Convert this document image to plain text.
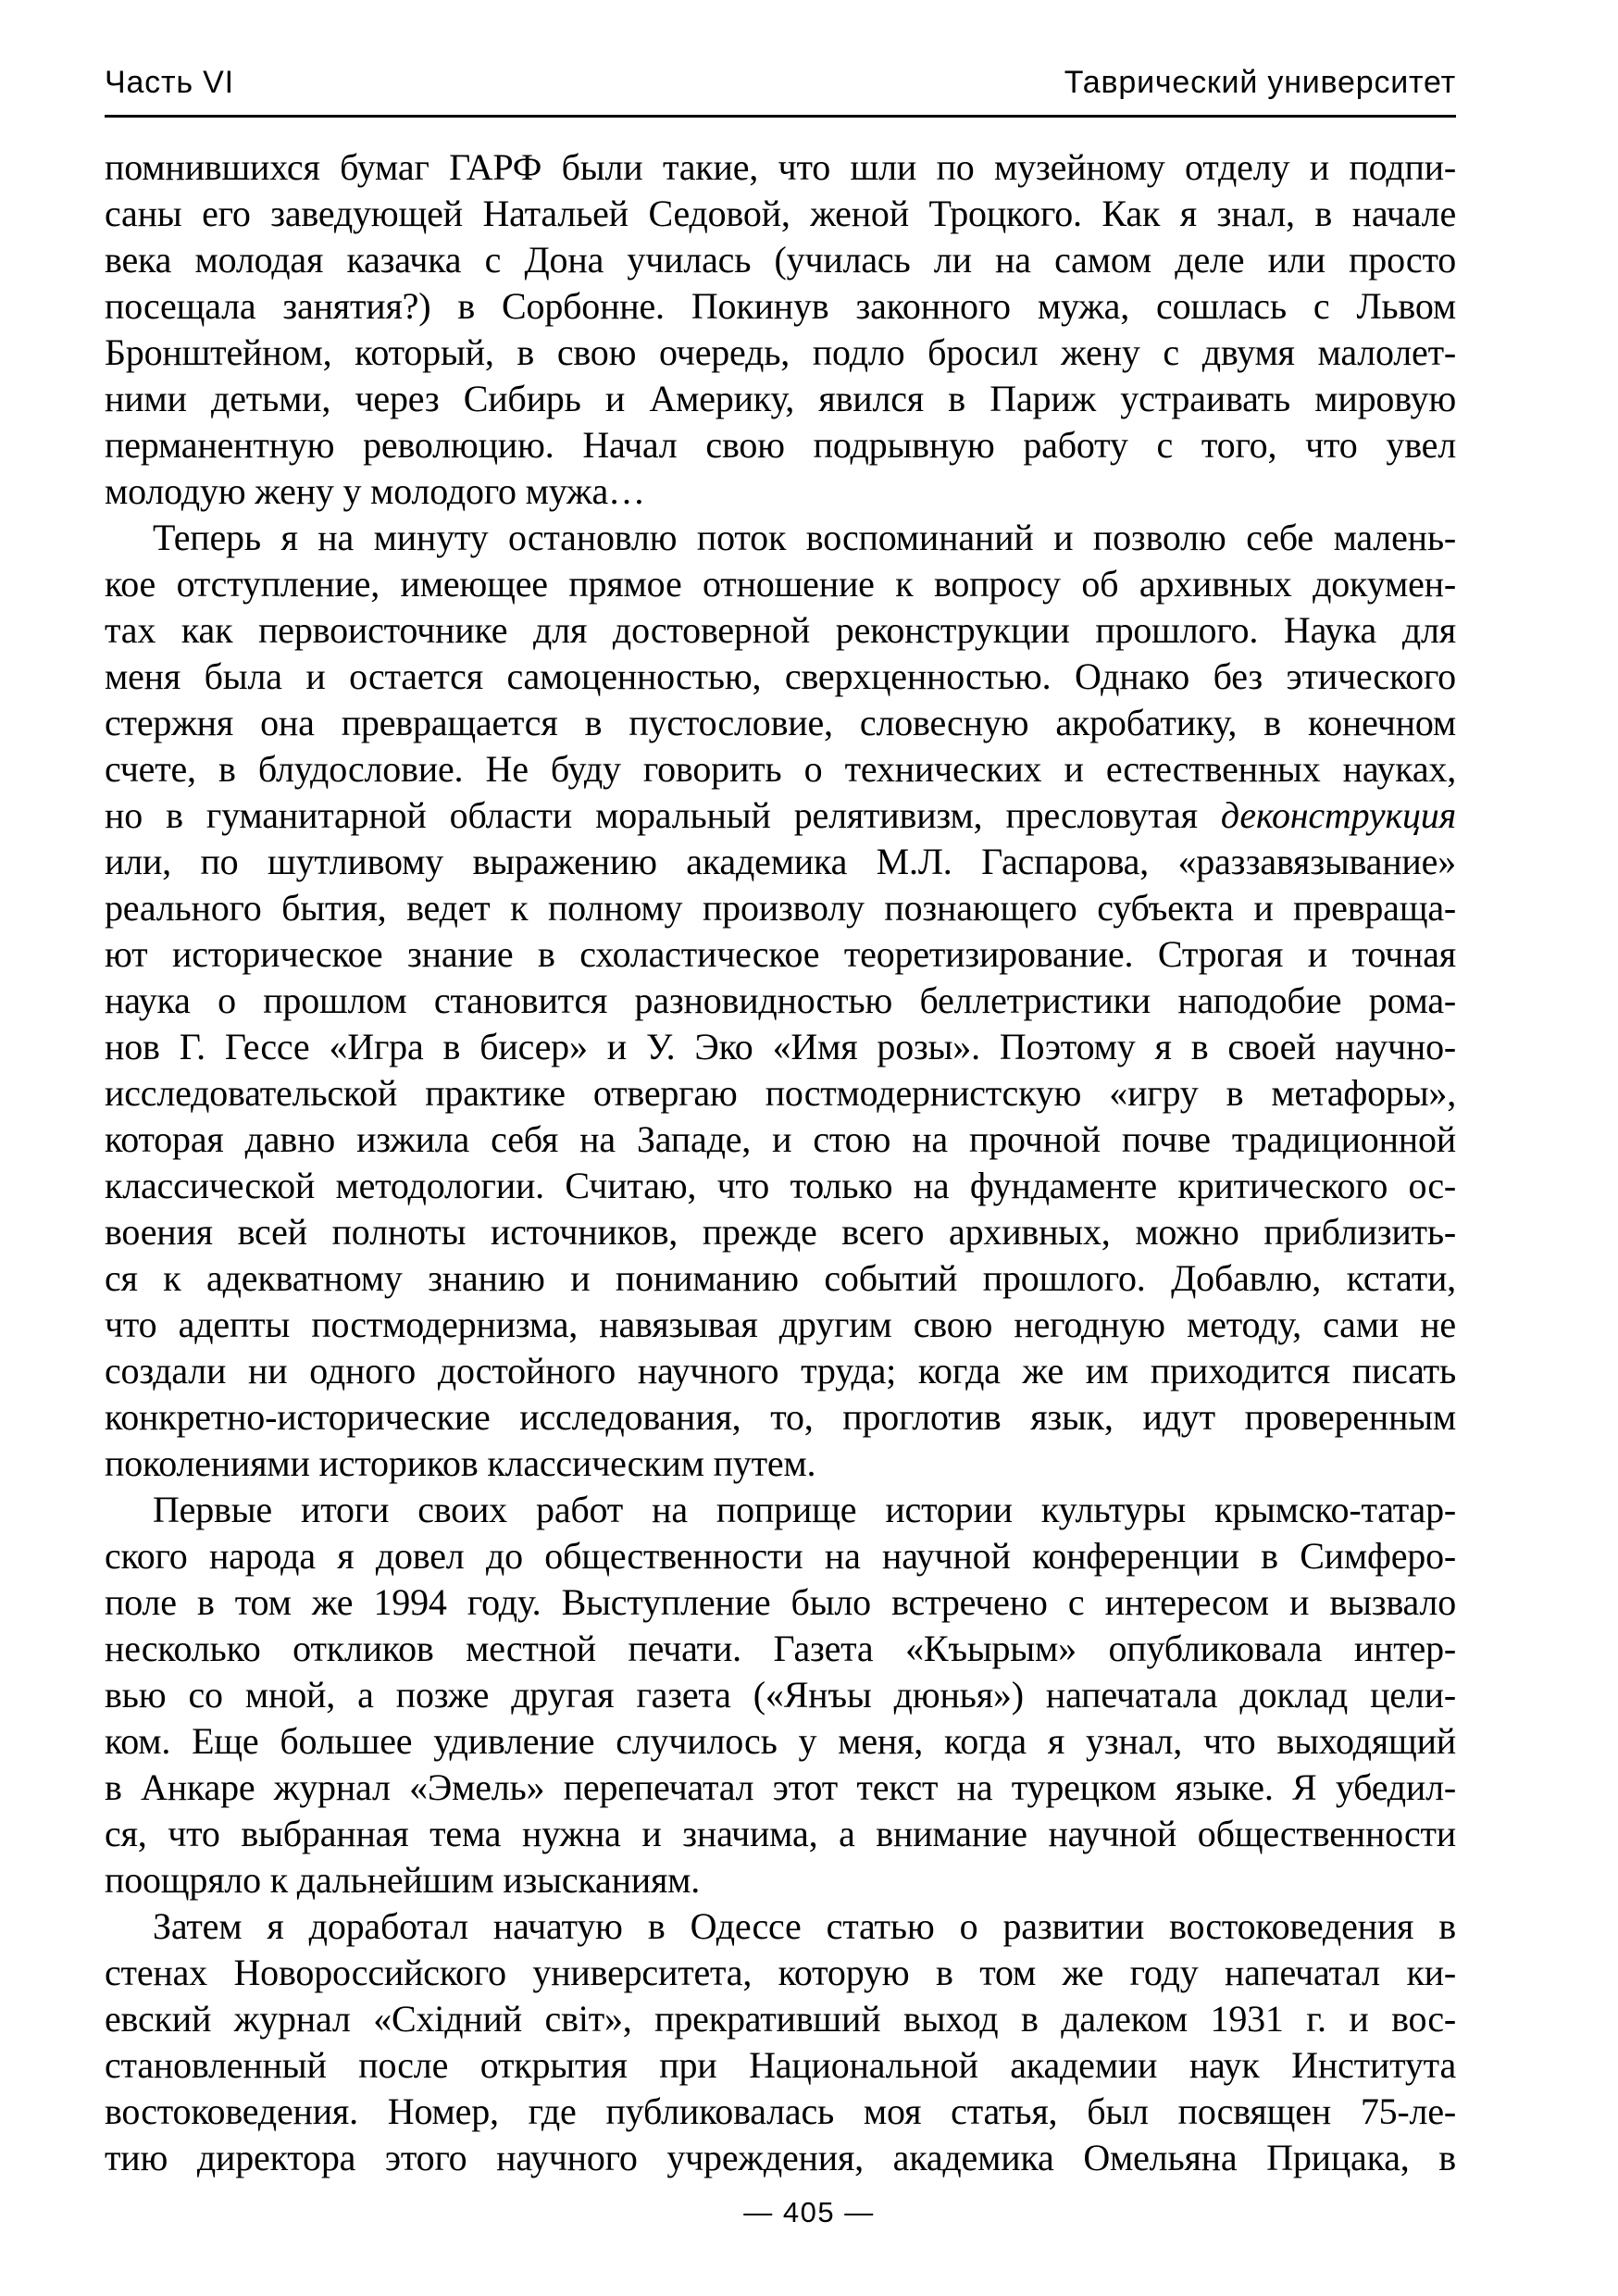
Часть VI	Таврический университет
помнившихся бумаг ГАРФ были такие, что шли по музейному отделу и подпи-
саны его заведующей Натальей Седовой, женой Троцкого. Как я знал, в начале
века молодая казачка с Дона училась (училась ли на самом деле или просто
посещала занятия?) в Сорбонне. Покинув законного мужа, сошлась с Львом
Бронштейном, который, в свою очередь, подло бросил жену с двумя малолет-
ними детьми, через Сибирь и Америку, явился в Париж устраивать мировую
перманентную революцию. Начал свою подрывную работу с того, что увел
молодую жену у молодого мужа…
Теперь я на минуту остановлю поток воспоминаний и позволю себе малень-
кое отступление, имеющее прямое отношение к вопросу об архивных докумен-
тах как первоисточнике для достоверной реконструкции прошлого. Наука для
меня была и остается самоценностью, сверхценностью. Однако без этического
стержня она превращается в пустословие, словесную акробатику, в конечном
счете, в блудословие. Не буду говорить о технических и естественных науках,
но в гуманитарной области моральный релятивизм, пресловутая деконструкция
или, по шутливому выражению академика М.Л. Гаспарова, «раззавязывание»
реального бытия, ведет к полному произволу познающего субъекта и превраща-
ют историческое знание в схоластическое теоретизирование. Строгая и точная
наука о прошлом становится разновидностью беллетристики наподобие рома-
нов Г. Гессе «Игра в бисер» и У. Эко «Имя розы». Поэтому я в своей научно-
исследовательской практике отвергаю постмодернистскую «игру в метафоры»,
которая давно изжила себя на Западе, и стою на прочной почве традиционной
классической методологии. Считаю, что только на фундаменте критического ос-
воения всей полноты источников, прежде всего архивных, можно приблизить-
ся к адекватному знанию и пониманию событий прошлого. Добавлю, кстати,
что адепты постмодернизма, навязывая другим свою негодную методу, сами не
создали ни одного достойного научного труда; когда же им приходится писать
конкретно-исторические исследования, то, проглотив язык, идут проверенным
поколениями историков классическим путем.
Первые итоги своих работ на поприще истории культуры крымско-татар-
ского народа я довел до общественности на научной конференции в Симферо-
поле в том же 1994 году. Выступление было встречено с интересом и вызвало
несколько откликов местной печати. Газета «Къырым» опубликовала интер-
вью со мной, а позже другая газета («Янъы дюнья») напечатала доклад цели-
ком. Еще большее удивление случилось у меня, когда я узнал, что выходящий
в Анкаре журнал «Эмель» перепечатал этот текст на турецком языке. Я убедил-
ся, что выбранная тема нужна и значима, а внимание научной общественности
поощряло к дальнейшим изысканиям.
Затем я доработал начатую в Одессе статью о развитии востоковедения в
стенах Новороссийского университета, которую в том же году напечатал ки-
евский журнал «Східний світ», прекративший выход в далеком 1931 г. и вос-
становленный после открытия при Национальной академии наук Института
востоковедения. Номер, где публиковалась моя статья, был посвящен 75-ле-
тию директора этого научного учреждения, академика Омельяна Прицака, в
— 405 —
